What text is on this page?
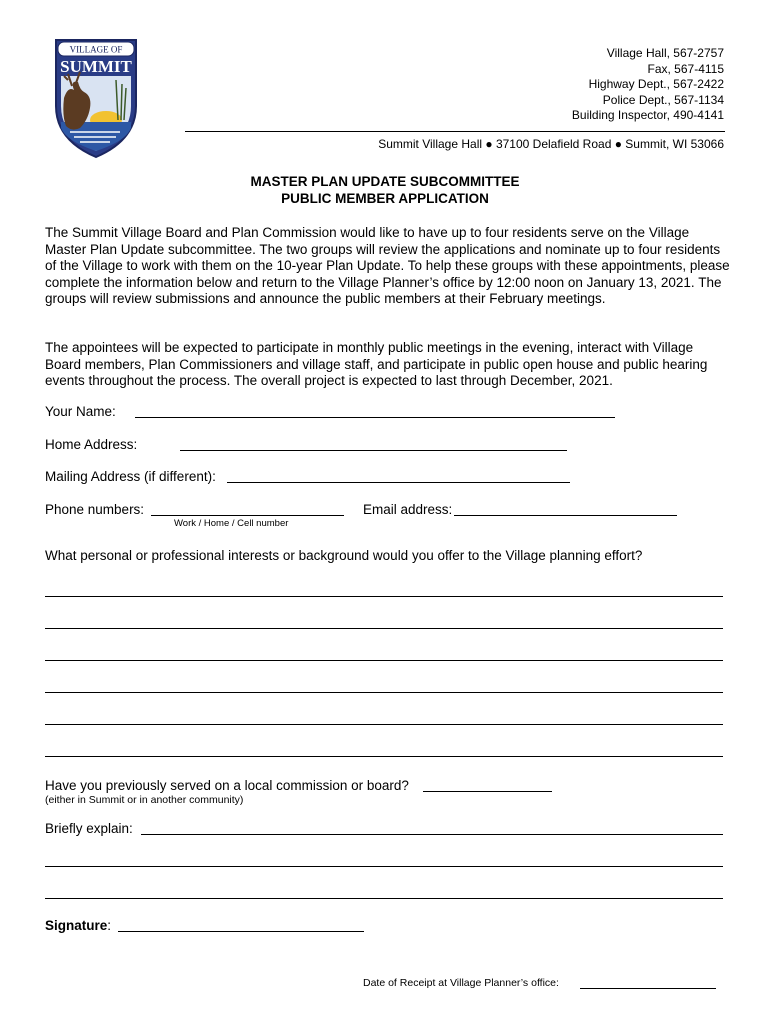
VILLAGE OF
SUMMIT
Village Hall, 567-2757
Fax, 567-4115
Highway Dept., 567-2422
Police Dept., 567-1134
Building Inspector, 490-4141
Summit Village Hall ● 37100 Delafield Road ● Summit, WI 53066
MASTER PLAN UPDATE SUBCOMMITTEE
PUBLIC MEMBER APPLICATION
The Summit Village Board and Plan Commission would like to have up to four residents serve on the Village Master Plan Update subcommittee. The two groups will review the applications and nominate up to four residents of the Village to work with them on the 10-year Plan Update. To help these groups with these appointments, please complete the information below and return to the Village Planner’s office by 12:00 noon on January 13, 2021. The groups will review submissions and announce the public members at their February meetings.
The appointees will be expected to participate in monthly public meetings in the evening, interact with Village Board members, Plan Commissioners and village staff, and participate in public open house and public hearing events throughout the process. The overall project is expected to last through December, 2021.
Your Name:
Home Address:
Mailing Address (if different):
Phone numbers:
Work / Home / Cell number
Email address:
What personal or professional interests or background would you offer to the Village planning effort?
Have you previously served on a local commission or board?
(either in Summit or in another community)
Briefly explain:
Signature:
Date of Receipt at Village Planner’s office:
